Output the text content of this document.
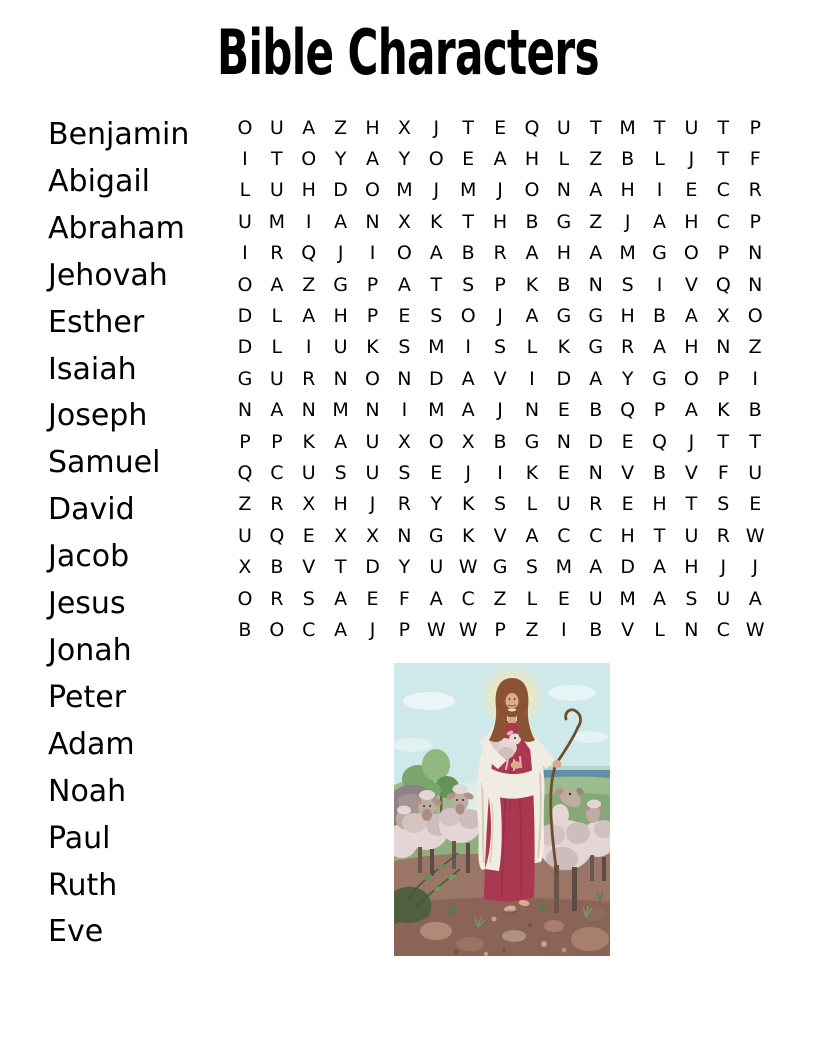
Bible Characters
Benjamin
Abigail
Abraham
Jehovah
Esther
Isaiah
Joseph
Samuel
David
Jacob
Jesus
Jonah
Peter
Adam
Noah
Paul
Ruth
Eve
O U A Z H X	J	T	E Q U	T M T	U	T	P
I	T O Y	A	Y O E	A H	L	Z B	L	J	T	F
L	U H D O M	J	M	J	O N A H	I	E	C R
U M	I	A N X	K	T H B G Z	J	A H C	P
I	R Q	J	I	O A B R A H A M G O P	N
O A Z G P	A	T	S	P	K	B N S	I	V Q N
D	L	A H	P	E	S O	J	A G G H B A X O
D	L	I	U K	S M	I	S	L	K G R A H N Z
G U R N O N D A V	I	D A	Y G O P	I
N A N M N	I	M A	J	N E	B Q P	A	K	B
P	P	K	A U X O X B G N D E Q	J	T	T
Q C U S U S	E	J	I	K	E N V B V	F	U
Z R X H	J	R	Y	K	S	L	U R	E H T	S	E
U Q E	X X N G K	V A C C H T	U R W
X B V	T D Y	U W G S M A D A H	J	J
O R	S	A	E	F	A C Z	L	E U M A	S U A
B O C A	J	P W W P	Z	I	B V	L	N C W
